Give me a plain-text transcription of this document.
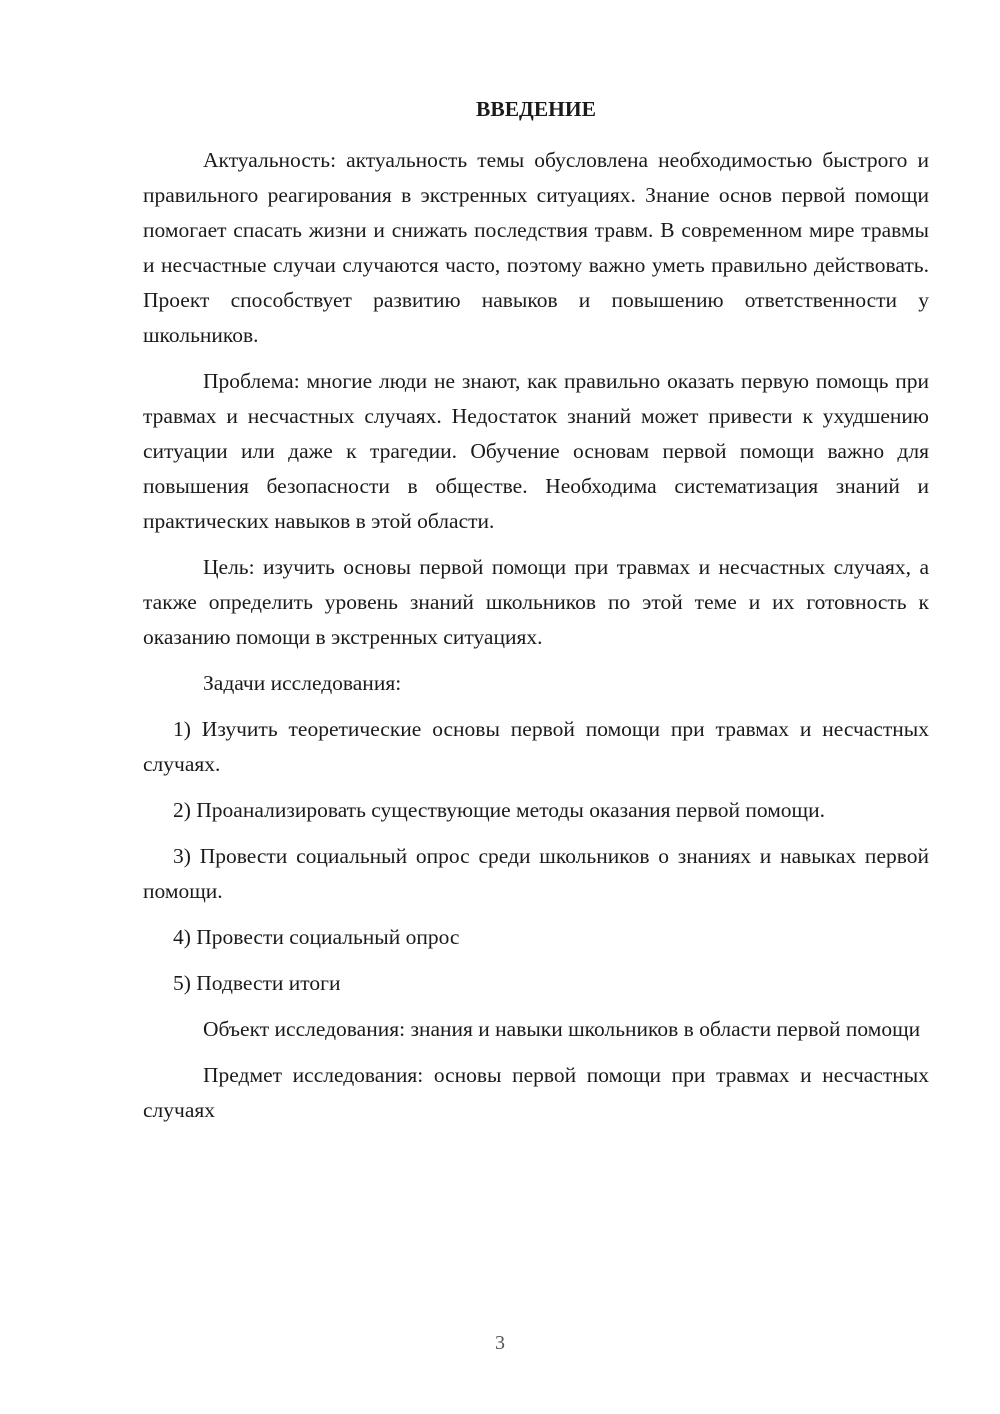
ВВЕДЕНИЕ

Актуальность: актуальность темы обусловлена необходимостью быстрого и правильного реагирования в экстренных ситуациях. Знание основ первой помощи помогает спасать жизни и снижать последствия травм. В современном мире травмы и несчастные случаи случаются часто, поэтому важно уметь правильно действовать. Проект способствует развитию навыков и повышению ответственности у школьников.

Проблема: многие люди не знают, как правильно оказать первую помощь при травмах и несчастных случаях. Недостаток знаний может привести к ухудшению ситуации или даже к трагедии. Обучение основам первой помощи важно для повышения безопасности в обществе. Необходима систематизация знаний и практических навыков в этой области.

Цель: изучить основы первой помощи при травмах и несчастных случаях, а также определить уровень знаний школьников по этой теме и их готовность к оказанию помощи в экстренных ситуациях.

Задачи исследования:

1) Изучить теоретические основы первой помощи при травмах и несчастных случаях.

2) Проанализировать существующие методы оказания первой помощи.

3) Провести социальный опрос среди школьников о знаниях и навыках первой помощи.

4) Провести социальный опрос

5) Подвести итоги

Объект исследования: знания и навыки школьников в области первой помощи

Предмет исследования: основы первой помощи при травмах и несчастных случаях

3
